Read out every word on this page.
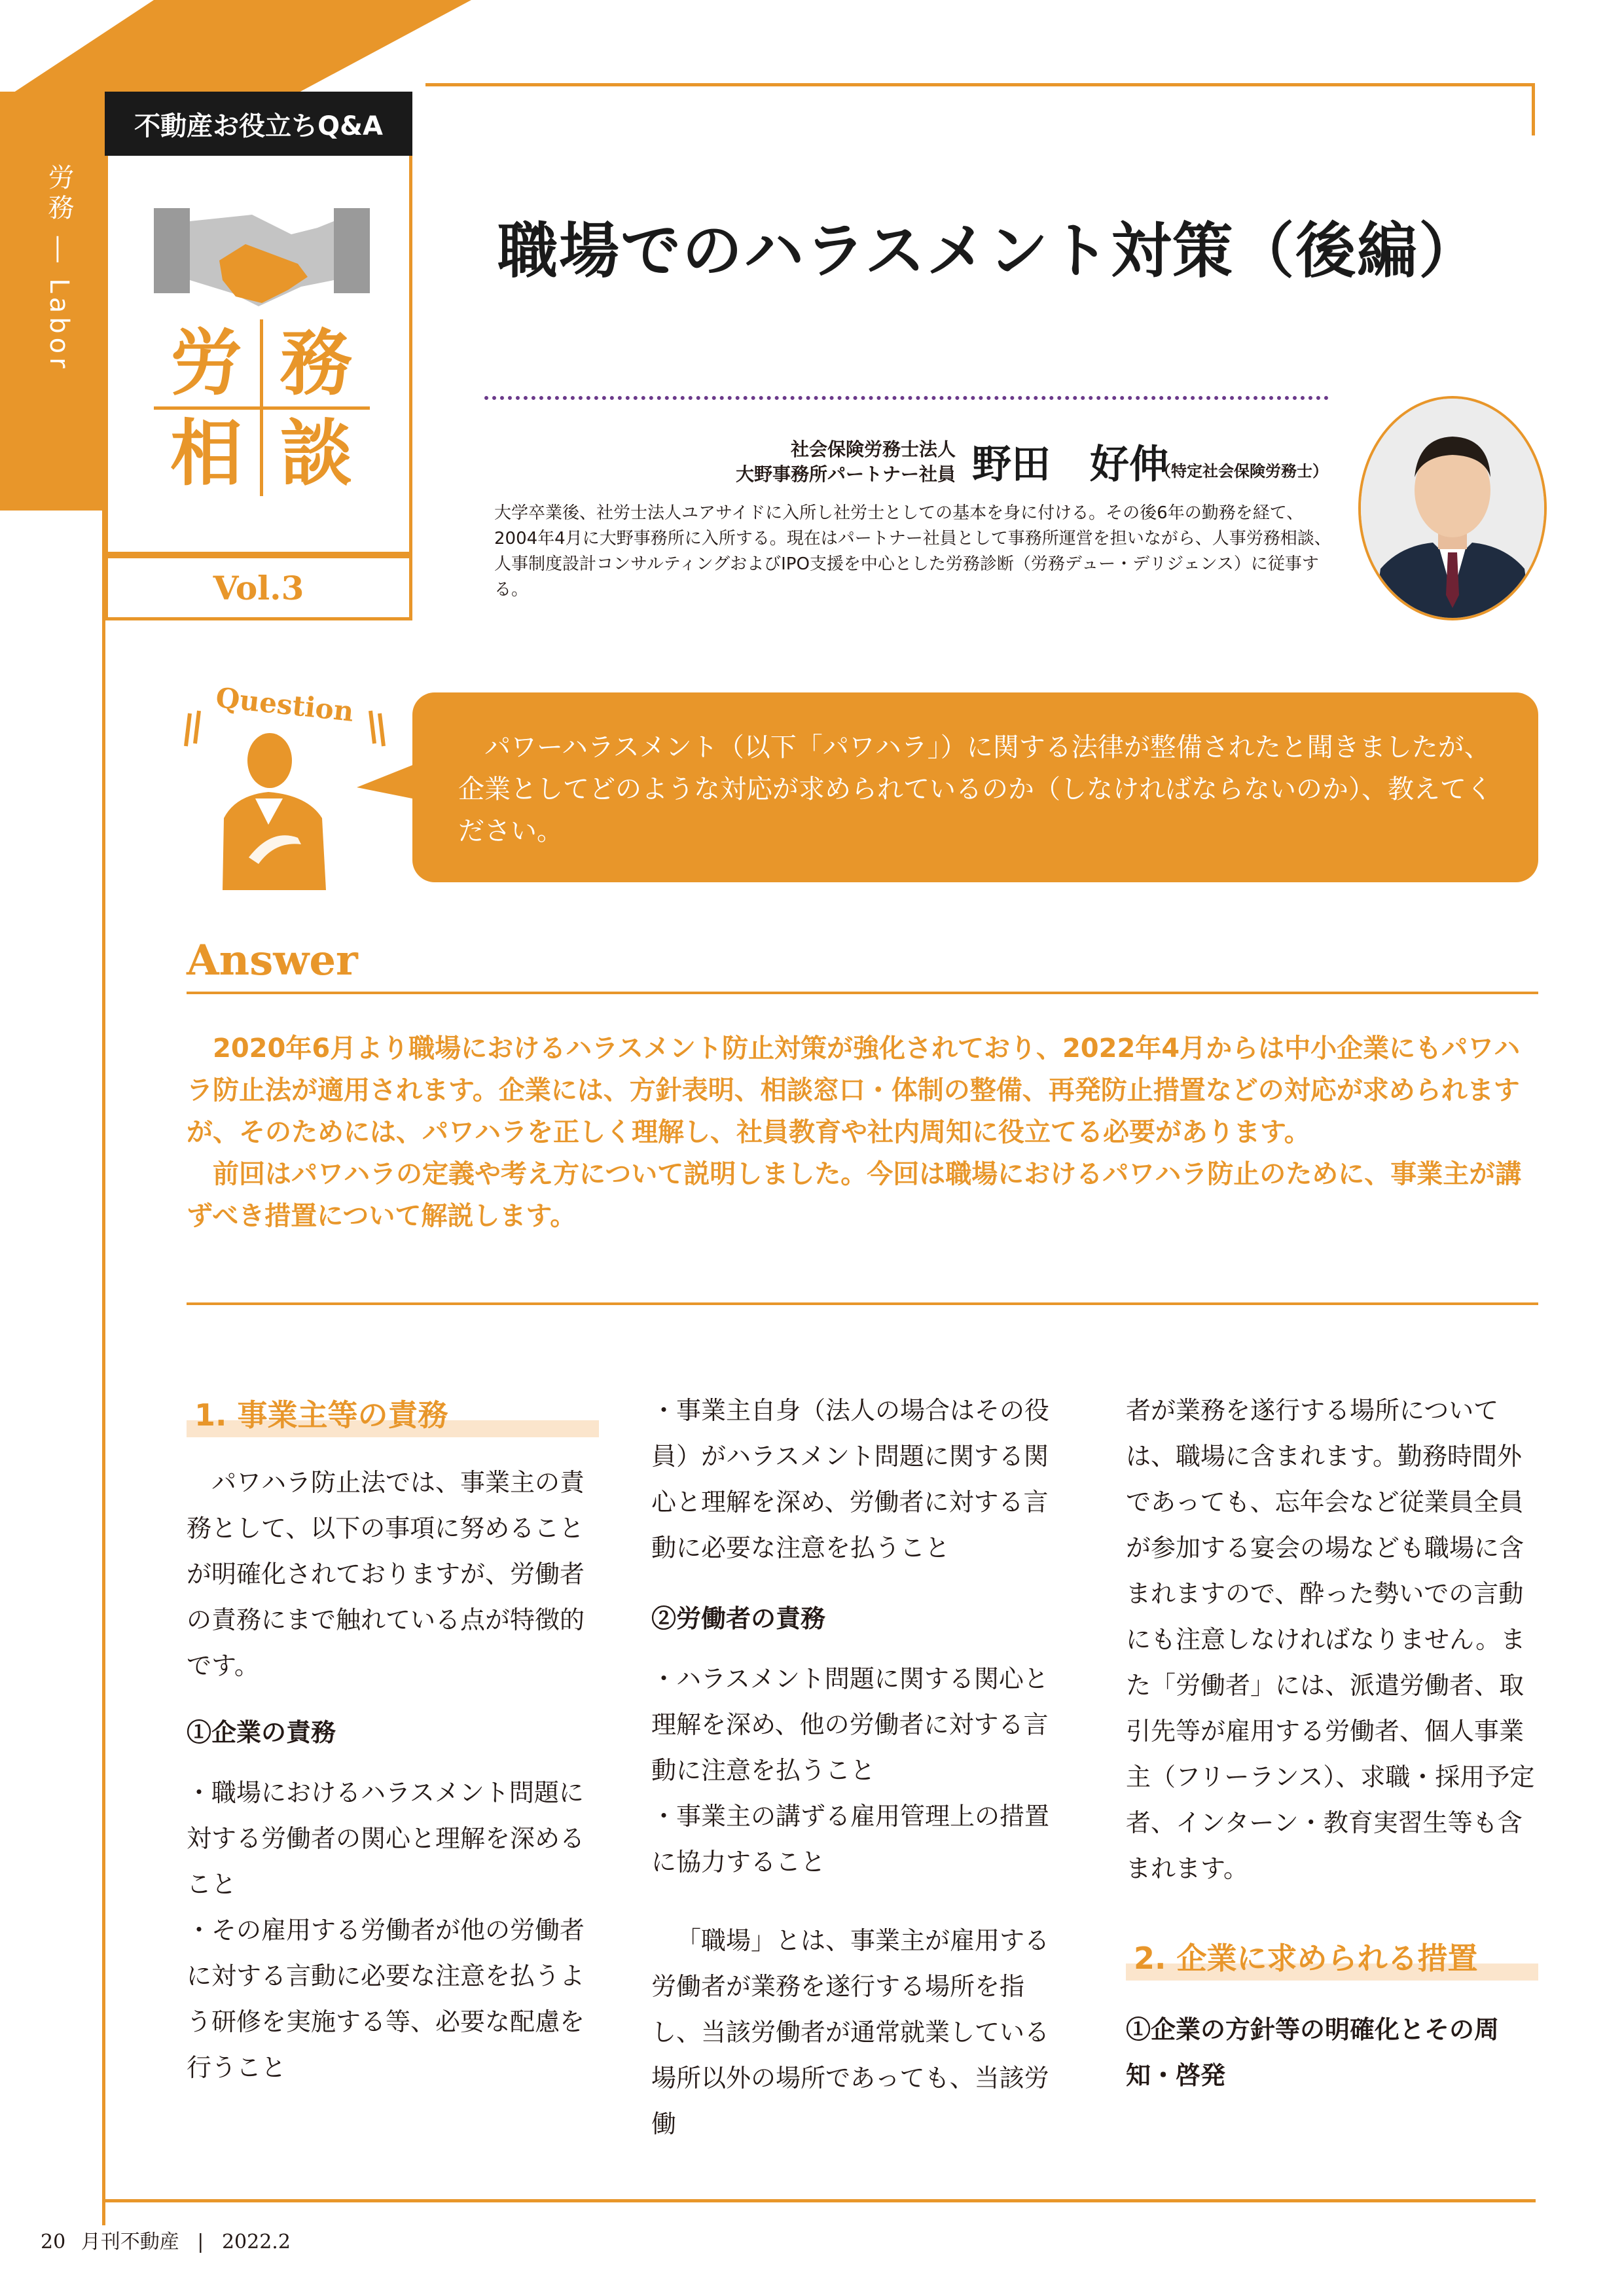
労務 ― Labor
不動産お役立ちQ&A
労 務
相 談
Vol.3
職場でのハラスメント対策（後編）
社会保険労務士法人
大野事務所パートナー社員 野田　好伸
（特定社会保険労務士）
大学卒業後、社労士法人ユアサイドに入所し社労士としての基本を身に付ける。その後6年の勤務を経て、2004年4月に大野事務所に入所する。現在はパートナー社員として事務所運営を担いながら、人事労務相談、人事制度設計コンサルティングおよびIPO支援を中心とした労務診断（労務デュー・デリジェンス）に従事する。
Question
パワーハラスメント（以下「パワハラ」）に関する法律が整備されたと聞きましたが、企業としてどのような対応が求められているのか（しなければならないのか）、教えてください。
Answer
2020年6月より職場におけるハラスメント防止対策が強化されており、2022年4月からは中小企業にもパワハラ防止法が適用されます。企業には、方針表明、相談窓口・体制の整備、再発防止措置などの対応が求められますが、そのためには、パワハラを正しく理解し、社員教育や社内周知に役立てる必要があります。
前回はパワハラの定義や考え方について説明しました。今回は職場におけるパワハラ防止のために、事業主が講ずべき措置について解説します。
1. 事業主等の責務
パワハラ防止法では、事業主の責務として、以下の事項に努めることが明確化されておりますが、労働者の責務にまで触れている点が特徴的です。
①企業の責務
・職場におけるハラスメント問題に対する労働者の関心と理解を深めること
・その雇用する労働者が他の労働者に対する言動に必要な注意を払うよう研修を実施する等、必要な配慮を行うこと
・事業主自身（法人の場合はその役員）がハラスメント問題に関する関心と理解を深め、労働者に対する言動に必要な注意を払うこと
②労働者の責務
・ハラスメント問題に関する関心と理解を深め、他の労働者に対する言動に注意を払うこと
・事業主の講ずる雇用管理上の措置に協力すること
「職場」とは、事業主が雇用する労働者が業務を遂行する場所を指し、当該労働者が通常就業している場所以外の場所であっても、当該労働
者が業務を遂行する場所については、職場に含まれます。勤務時間外であっても、忘年会など従業員全員が参加する宴会の場なども職場に含まれますので、酔った勢いでの言動にも注意しなければなりません。また「労働者」には、派遣労働者、取引先等が雇用する労働者、個人事業主（フリーランス）、求職・採用予定者、インターン・教育実習生等も含まれます。
2. 企業に求められる措置
①企業の方針等の明確化とその周知・啓発
20 月刊不動産 | 2022.2
